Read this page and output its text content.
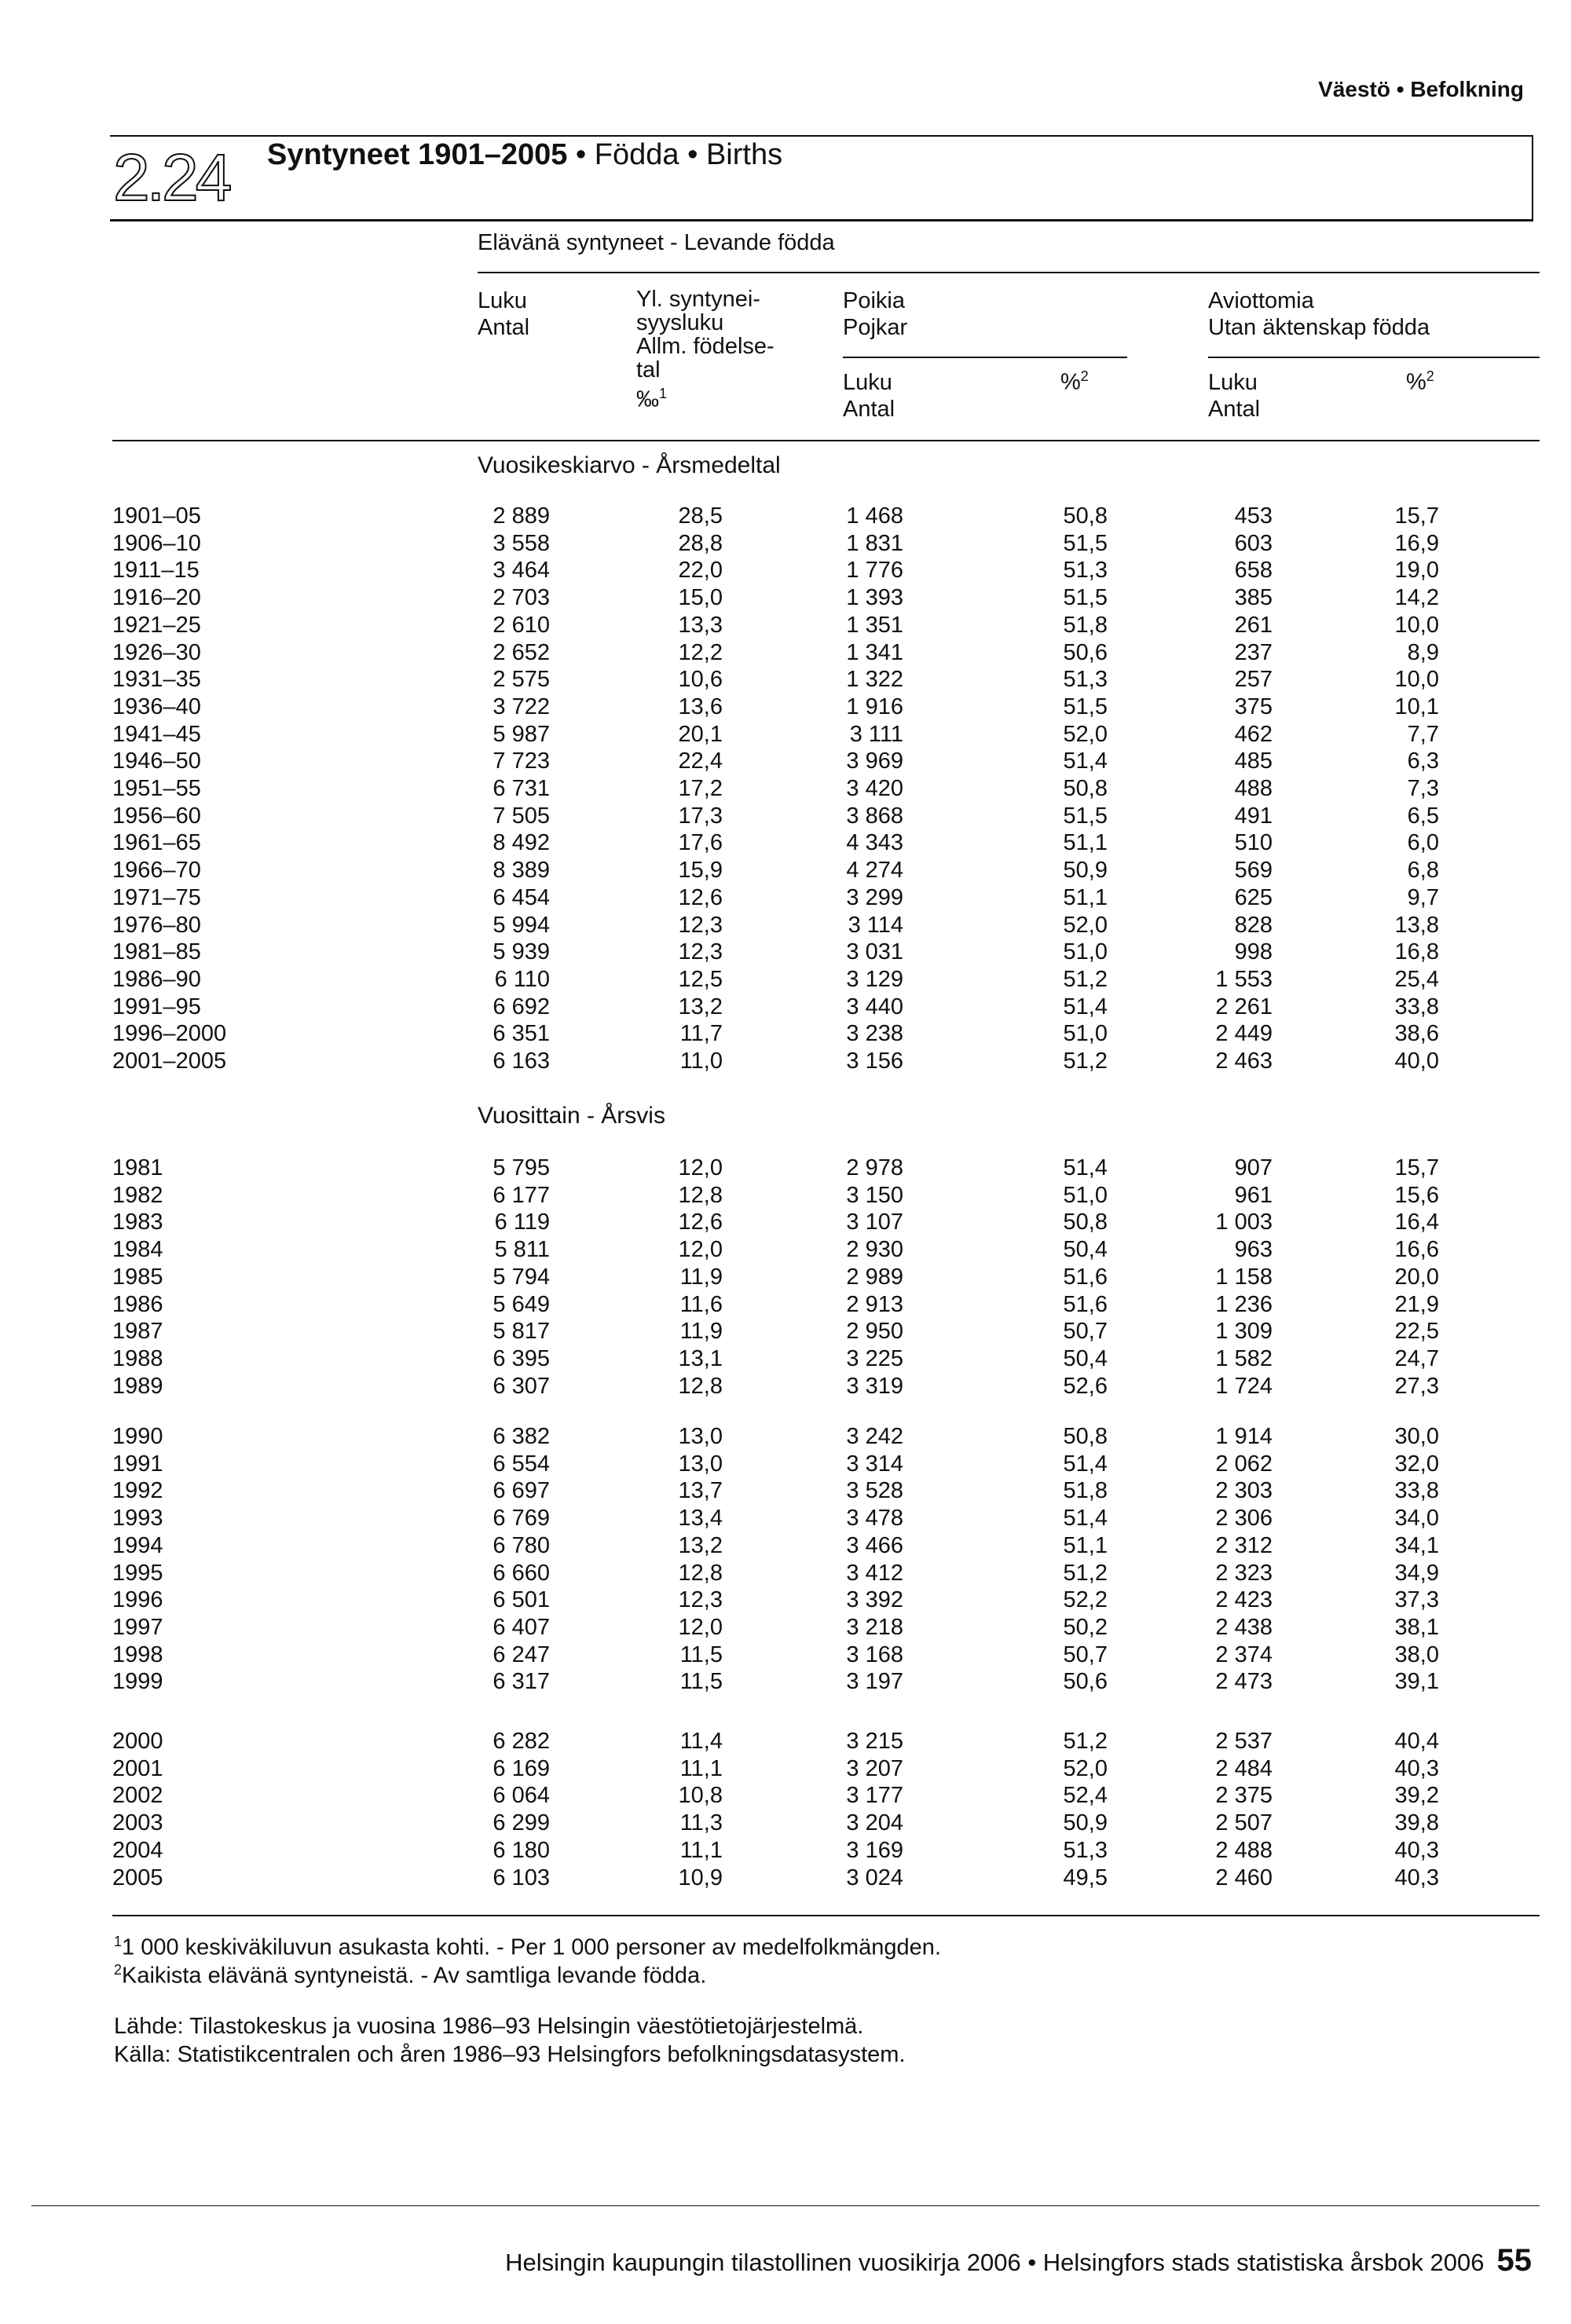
Väestö • Befolkning
2.24 Syntyneet 1901–2005 • Födda • Births
Elävänä syntyneet - Levande födda
Luku
Antal
Yl. syntynei-
syysluku
Allm. födelse-
tal
‰$^1$
Poikia
Pojkar
Luku
Antal
%$^2$
Aviottomia
Utan äktenskap födda
Luku
Antal
%$^2$
Vuosikeskiarvo - Årsmedeltal
Vuosittain - Årsvis
1901–05	2 889	28,5	1 468	50,8	453	15,7
1906–10	3 558	28,8	1 831	51,5	603	16,9
1911–15	3 464	22,0	1 776	51,3	658	19,0
1916–20	2 703	15,0	1 393	51,5	385	14,2
1921–25	2 610	13,3	1 351	51,8	261	10,0
1926–30	2 652	12,2	1 341	50,6	237	8,9
1931–35	2 575	10,6	1 322	51,3	257	10,0
1936–40	3 722	13,6	1 916	51,5	375	10,1
1941–45	5 987	20,1	3 111	52,0	462	7,7
1946–50	7 723	22,4	3 969	51,4	485	6,3
1951–55	6 731	17,2	3 420	50,8	488	7,3
1956–60	7 505	17,3	3 868	51,5	491	6,5
1961–65	8 492	17,6	4 343	51,1	510	6,0
1966–70	8 389	15,9	4 274	50,9	569	6,8
1971–75	6 454	12,6	3 299	51,1	625	9,7
1976–80	5 994	12,3	3 114	52,0	828	13,8
1981–85	5 939	12,3	3 031	51,0	998	16,8
1986–90	6 110	12,5	3 129	51,2	1 553	25,4
1991–95	6 692	13,2	3 440	51,4	2 261	33,8
1996–2000	6 351	11,7	3 238	51,0	2 449	38,6
2001–2005	6 163	11,0	3 156	51,2	2 463	40,0
1981	5 795	12,0	2 978	51,4	907	15,7
1982	6 177	12,8	3 150	51,0	961	15,6
1983	6 119	12,6	3 107	50,8	1 003	16,4
1984	5 811	12,0	2 930	50,4	963	16,6
1985	5 794	11,9	2 989	51,6	1 158	20,0
1986	5 649	11,6	2 913	51,6	1 236	21,9
1987	5 817	11,9	2 950	50,7	1 309	22,5
1988	6 395	13,1	3 225	50,4	1 582	24,7
1989	6 307	12,8	3 319	52,6	1 724	27,3
1990	6 382	13,0	3 242	50,8	1 914	30,0
1991	6 554	13,0	3 314	51,4	2 062	32,0
1992	6 697	13,7	3 528	51,8	2 303	33,8
1993	6 769	13,4	3 478	51,4	2 306	34,0
1994	6 780	13,2	3 466	51,1	2 312	34,1
1995	6 660	12,8	3 412	51,2	2 323	34,9
1996	6 501	12,3	3 392	52,2	2 423	37,3
1997	6 407	12,0	3 218	50,2	2 438	38,1
1998	6 247	11,5	3 168	50,7	2 374	38,0
1999	6 317	11,5	3 197	50,6	2 473	39,1
2000	6 282	11,4	3 215	51,2	2 537	40,4
2001	6 169	11,1	3 207	52,0	2 484	40,3
2002	6 064	10,8	3 177	52,4	2 375	39,2
2003	6 299	11,3	3 204	50,9	2 507	39,8
2004	6 180	11,1	3 169	51,3	2 488	40,3
2005	6 103	10,9	3 024	49,5	2 460	40,3
$^1$1 000 keskiväkiluvun asukasta kohti. - Per 1 000 personer av medelfolkmängden.
$^2$Kaikista elävänä syntyneistä. - Av samtliga levande födda.
Lähde: Tilastokeskus ja vuosina 1986–93 Helsingin väestötietojärjestelmä.
Källa: Statistikcentralen och åren 1986–93 Helsingfors befolkningsdatasystem.
Helsingin kaupungin tilastollinen vuosikirja 2006 • Helsingfors stads statistiska årsbok 2006 55
